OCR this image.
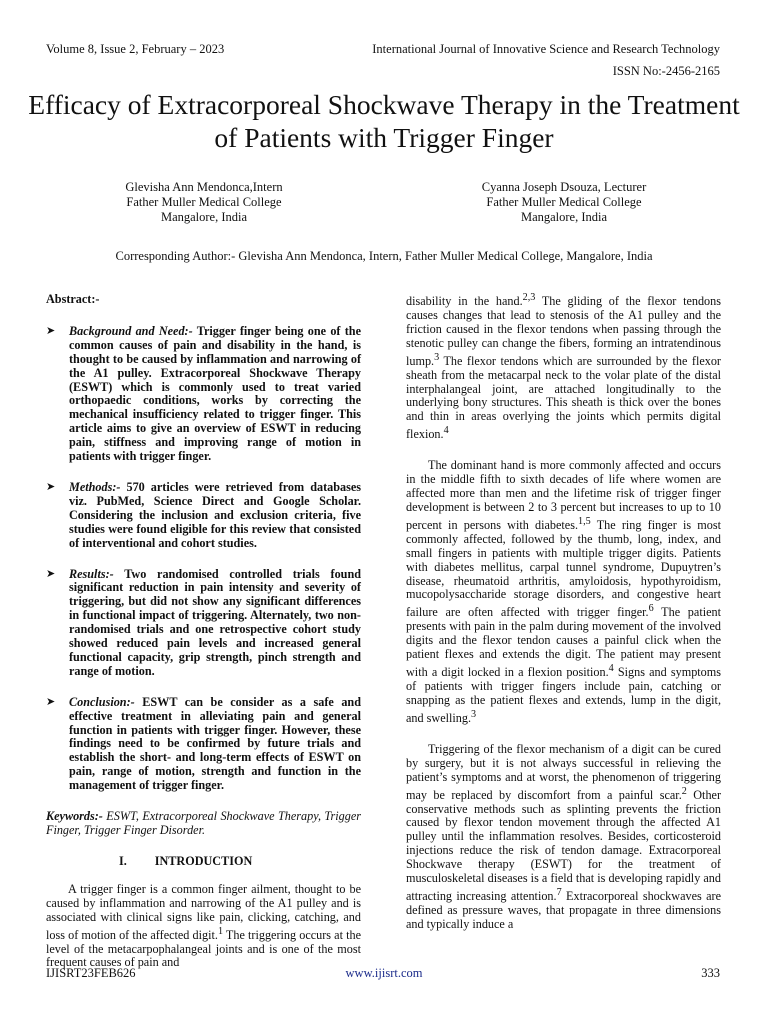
Volume 8, Issue 2, February – 2023	International Journal of Innovative Science and Research Technology
ISSN No:-2456-2165
Efficacy of Extracorporeal Shockwave Therapy in the Treatment of Patients with Trigger Finger
Glevisha Ann Mendonca,Intern
Father Muller Medical College
Mangalore, India
Cyanna Joseph Dsouza, Lecturer
Father Muller Medical College
Mangalore, India
Corresponding Author:- Glevisha Ann Mendonca, Intern, Father Muller Medical College, Mangalore, India

Abstract:-

➤ Background and Need:- Trigger finger being one of the common causes of pain and disability in the hand, is thought to be caused by inflammation and narrowing of the A1 pulley. Extracorporeal Shockwave Therapy (ESWT) which is commonly used to treat varied orthopaedic conditions, works by correcting the mechanical insufficiency related to trigger finger. This article aims to give an overview of ESWT in reducing pain, stiffness and improving range of motion in patients with trigger finger.

➤ Methods:- 570 articles were retrieved from databases viz. PubMed, Science Direct and Google Scholar. Considering the inclusion and exclusion criteria, five studies were found eligible for this review that consisted of interventional and cohort studies.

➤ Results:- Two randomised controlled trials found significant reduction in pain intensity and severity of triggering, but did not show any significant differences in functional impact of triggering. Alternately, two non-randomised trials and one retrospective cohort study showed reduced pain levels and increased general functional capacity, grip strength, pinch strength and range of motion.

➤ Conclusion:- ESWT can be consider as a safe and effective treatment in alleviating pain and general function in patients with trigger finger. However, these findings need to be confirmed by future trials and establish the short- and long-term effects of ESWT on pain, range of motion, strength and function in the management of trigger finger.

Keywords:- ESWT, Extracorporeal Shockwave Therapy, Trigger Finger, Trigger Finger Disorder.

I. INTRODUCTION

A trigger finger is a common finger ailment, thought to be caused by inflammation and narrowing of the A1 pulley and is associated with clinical signs like pain, clicking, catching, and loss of motion of the affected digit.$^1$ The triggering occurs at the level of the metacarpophalangeal joints and is one of the most frequent causes of pain and

disability in the hand.$^{2,3}$ The gliding of the flexor tendons causes changes that lead to stenosis of the A1 pulley and the friction caused in the flexor tendons when passing through the stenotic pulley can change the fibers, forming an intratendinous lump.$^3$ The flexor tendons which are surrounded by the flexor sheath from the metacarpal neck to the volar plate of the distal interphalangeal joint, are attached longitudinally to the underlying bony structures. This sheath is thick over the bones and thin in areas overlying the joints which permits digital flexion.$^4$

The dominant hand is more commonly affected and occurs in the middle fifth to sixth decades of life where women are affected more than men and the lifetime risk of trigger finger development is between 2 to 3 percent but increases to up to 10 percent in persons with diabetes.$^{1,5}$ The ring finger is most commonly affected, followed by the thumb, long, index, and small fingers in patients with multiple trigger digits. Patients with diabetes mellitus, carpal tunnel syndrome, Dupuytren’s disease, rheumatoid arthritis, amyloidosis, hypothyroidism, mucopolysaccharide storage disorders, and congestive heart failure are often affected with trigger finger.$^6$ The patient presents with pain in the palm during movement of the involved digits and the flexor tendon causes a painful click when the patient flexes and extends the digit. The patient may present with a digit locked in a flexion position.$^4$ Signs and symptoms of patients with trigger fingers include pain, catching or snapping as the patient flexes and extends, lump in the digit, and swelling.$^3$

Triggering of the flexor mechanism of a digit can be cured by surgery, but it is not always successful in relieving the patient’s symptoms and at worst, the phenomenon of triggering may be replaced by discomfort from a painful scar.$^2$ Other conservative methods such as splinting prevents the friction caused by flexor tendon movement through the affected A1 pulley until the inflammation resolves. Besides, corticosteroid injections reduce the risk of tendon damage. Extracorporeal Shockwave therapy (ESWT) for the treatment of musculoskeletal diseases is a field that is developing rapidly and attracting increasing attention.$^7$ Extracorporeal shockwaves are defined as pressure waves, that propagate in three dimensions and typically induce a

IJISRT23FEB626	www.ijisrt.com	333
